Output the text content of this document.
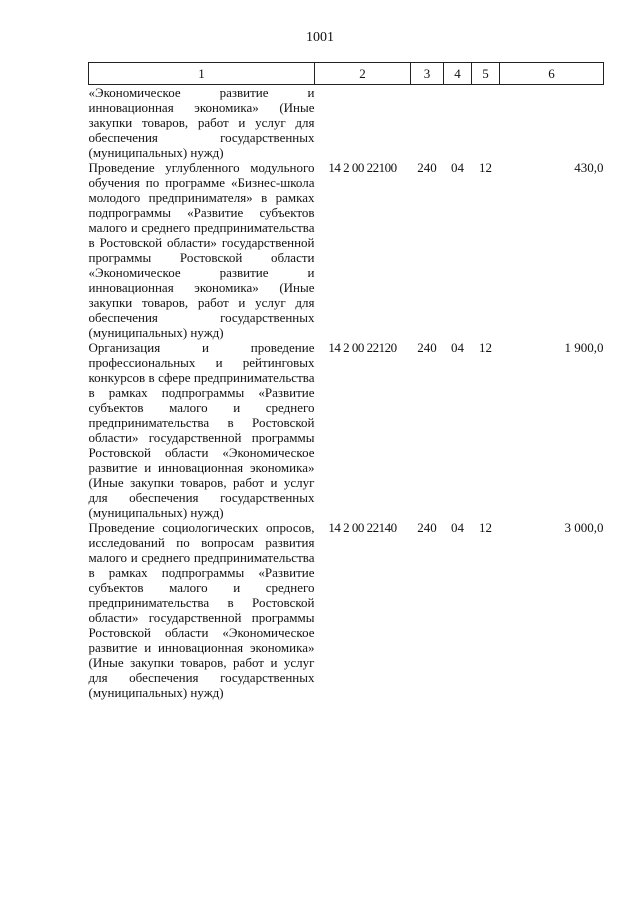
1001
1	2	3	4	5	6
«Экономическое развитие и инновационная экономика» (Иные закупки товаров, работ и услуг для обеспечения государственных (муниципальных) нужд)					
Проведение углубленного модульного обучения по программе «Бизнес-школа молодого предпринимателя» в рамках подпрограммы «Развитие субъектов малого и среднего предпринимательства в Ростовской области» государственной программы Ростовской области «Экономическое развитие и инновационная экономика» (Иные закупки товаров, работ и услуг для обеспечения государственных (муниципальных) нужд)	14 2 00 22100	240	04	12	430,0
Организация и проведение профессиональных и рейтинговых конкурсов в сфере предпринимательства в рамках подпрограммы «Развитие субъектов малого и среднего предпринимательства в Ростовской области» государственной программы Ростовской области «Экономическое развитие и инновационная экономика» (Иные закупки товаров, работ и услуг для обеспечения государственных (муниципальных) нужд)	14 2 00 22120	240	04	12	1 900,0
Проведение социологических опросов, исследований по вопросам развития малого и среднего предпринимательства в рамках подпрограммы «Развитие субъектов малого и среднего предпринимательства в Ростовской области» государственной программы Ростовской области «Экономическое развитие и инновационная экономика» (Иные закупки товаров, работ и услуг для обеспечения государственных (муниципальных) нужд)	14 2 00 22140	240	04	12	3 000,0
